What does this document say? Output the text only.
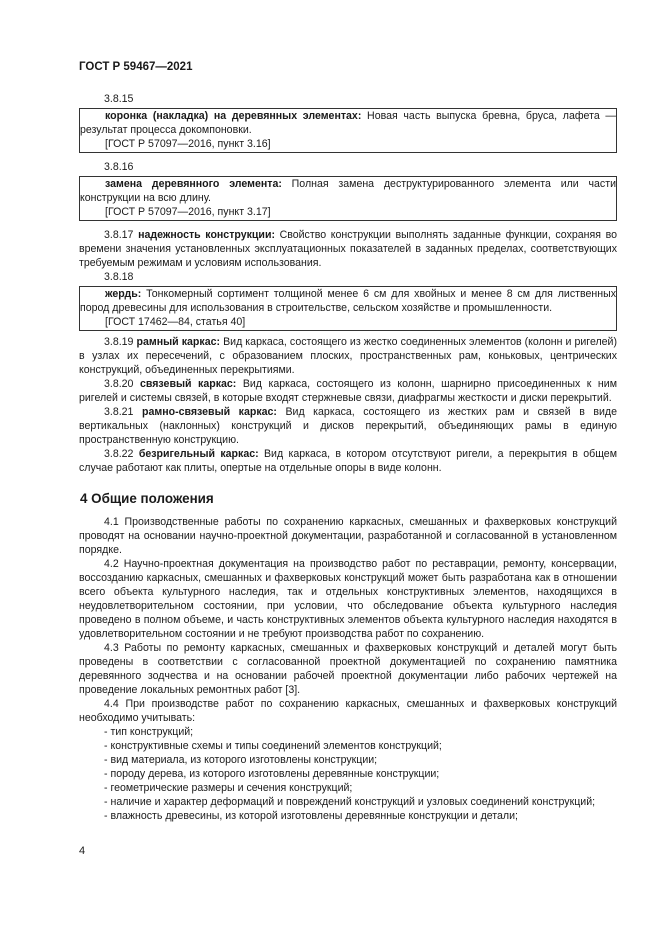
ГОСТ Р 59467—2021

3.8.15

коронка (накладка) на деревянных элементах: Новая часть выпуска бревна, бруса, лафета — результат процесса докомпоновки.

[ГОСТ Р 57097—2016, пункт 3.16]

3.8.16

замена деревянного элемента: Полная замена деструктурированного элемента или части конструкции на всю длину.

[ГОСТ Р 57097—2016, пункт 3.17]

3.8.17 надежность конструкции: Свойство конструкции выполнять заданные функции, сохраняя во времени значения установленных эксплуатационных показателей в заданных пределах, соответствующих требуемым режимам и условиям использования.

3.8.18

жердь: Тонкомерный сортимент толщиной менее 6 см для хвойных и менее 8 см для лиственных пород древесины для использования в строительстве, сельском хозяйстве и промышленности.

[ГОСТ 17462—84, статья 40]

3.8.19 рамный каркас: Вид каркаса, состоящего из жестко соединенных элементов (колонн и ригелей) в узлах их пересечений, с образованием плоских, пространственных рам, коньковых, центрических конструкций, объединенных перекрытиями.

3.8.20 связевый каркас: Вид каркаса, состоящего из колонн, шарнирно присоединенных к ним ригелей и системы связей, в которые входят стержневые связи, диафрагмы жесткости и диски перекрытий.

3.8.21 рамно-связевый каркас: Вид каркаса, состоящего из жестких рам и связей в виде вертикальных (наклонных) конструкций и дисков перекрытий, объединяющих рамы в единую пространственную конструкцию.

3.8.22 безригельный каркас: Вид каркаса, в котором отсутствуют ригели, а перекрытия в общем случае работают как плиты, опертые на отдельные опоры в виде колонн.

4 Общие положения

4.1 Производственные работы по сохранению каркасных, смешанных и фахверковых конструкций проводят на основании научно-проектной документации, разработанной и согласованной в установленном порядке.

4.2 Научно-проектная документация на производство работ по реставрации, ремонту, консервации, воссозданию каркасных, смешанных и фахверковых конструкций может быть разработана как в отношении всего объекта культурного наследия, так и отдельных конструктивных элементов, находящихся в неудовлетворительном состоянии, при условии, что обследование объекта культурного наследия проведено в полном объеме, и часть конструктивных элементов объекта культурного наследия находятся в удовлетворительном состоянии и не требуют производства работ по сохранению.

4.3 Работы по ремонту каркасных, смешанных и фахверковых конструкций и деталей могут быть проведены в соответствии с согласованной проектной документацией по сохранению памятника деревянного зодчества и на основании рабочей проектной документации либо рабочих чертежей на проведение локальных ремонтных работ [3].

4.4 При производстве работ по сохранению каркасных, смешанных и фахверковых конструкций необходимо учитывать:

- тип конструкций;

- конструктивные схемы и типы соединений элементов конструкций;

- вид материала, из которого изготовлены конструкции;

- породу дерева, из которого изготовлены деревянные конструкции;

- геометрические размеры и сечения конструкций;

- наличие и характер деформаций и повреждений конструкций и узловых соединений конструкций;

- влажность древесины, из которой изготовлены деревянные конструкции и детали;

4
